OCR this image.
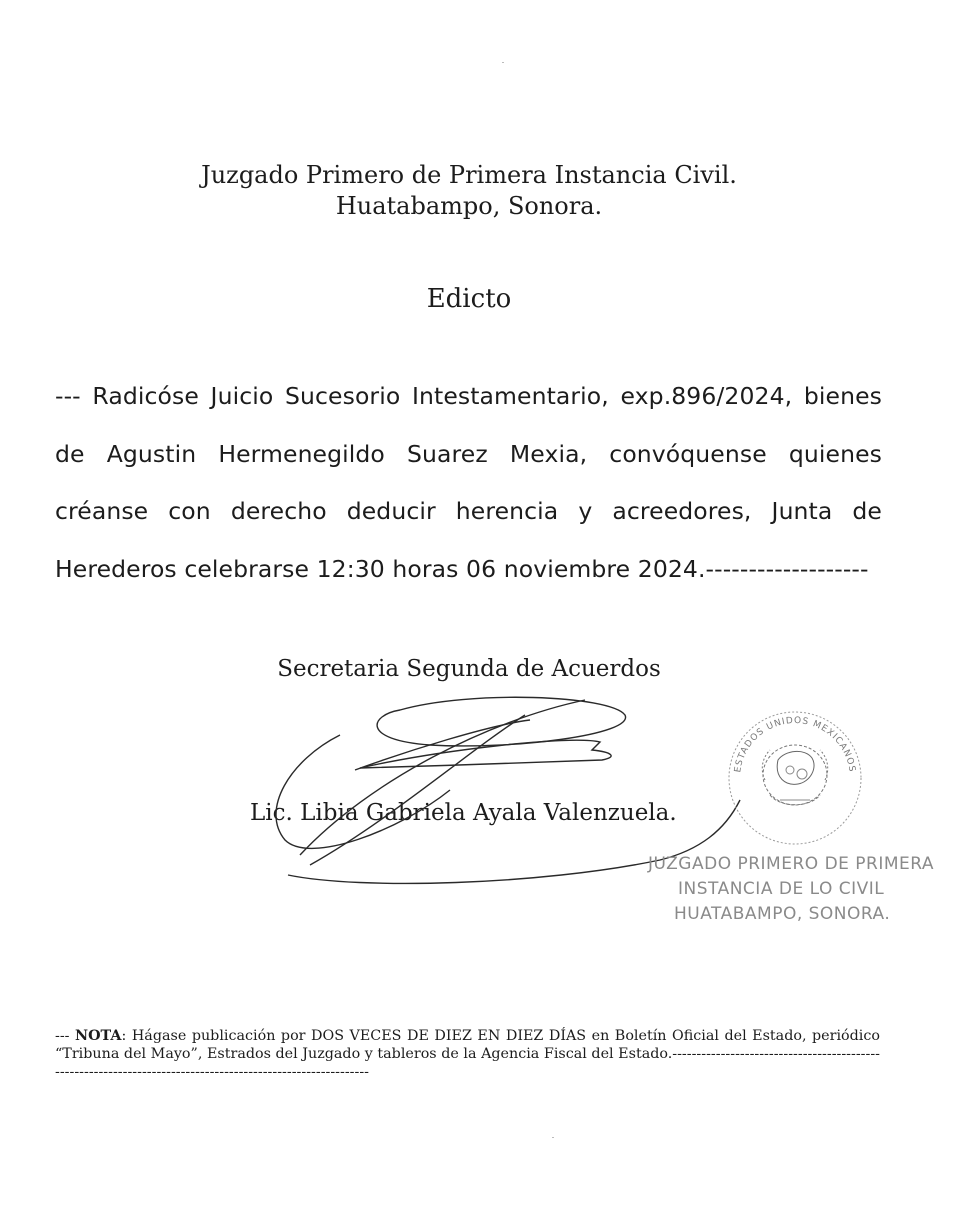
Juzgado Primero de Primera Instancia Civil.
Huatabampo, Sonora.
Edicto
--- Radicóse Juicio Sucesorio Intestamentario, exp.896/2024, bienes de Agustin Hermenegildo Suarez Mexia, convóquense quienes créanse con derecho deducir herencia y acreedores, Junta de Herederos celebrarse 12:30 horas 06 noviembre 2024.-------------------
Secretaria Segunda de Acuerdos
Lic. Libia Gabriela Ayala Valenzuela.
ESTADOS UNIDOS MEXICANOS
JUZGADO PRIMERO DE PRIMERA
INSTANCIA DE LO CIVIL
HUATABAMPO, SONORA.
--- NOTA: Hágase publicación por DOS VECES DE DIEZ EN DIEZ DÍAS en Boletín Oficial del Estado, periódico “Tribuna del Mayo”, Estrados del Juzgado y tableros de la Agencia Fiscal del Estado.------------------------------------------------------------------------------------------------------------
